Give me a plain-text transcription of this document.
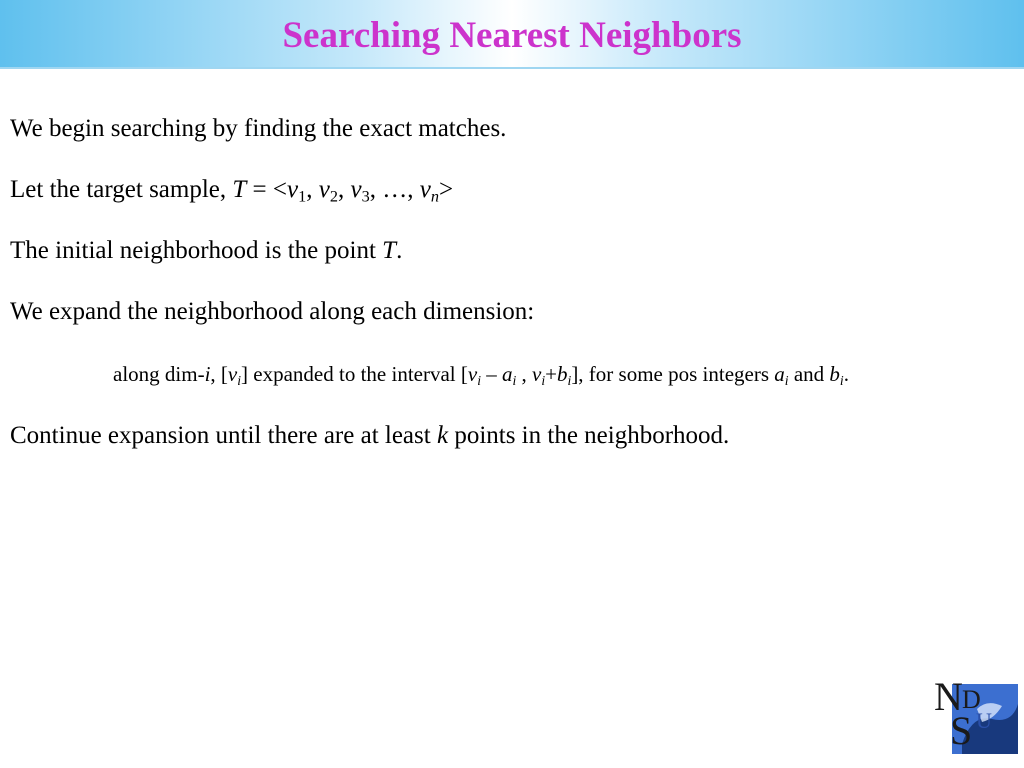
Searching Nearest Neighbors

We begin searching by finding the exact matches.

Let the target sample, $T = <v_1$, $v_2$, $v_3$, …, $v_n>$

The initial neighborhood is the point T.

We expand the neighborhood along each dimension:

along dim-i, $[v_i]$ expanded to the interval [$v_i - a_i$ , $v_i+b_i$], for some pos integers $a_i$ and $b_i$.

Continue expansion until there are at least k points in the neighborhood.

N D
S U
